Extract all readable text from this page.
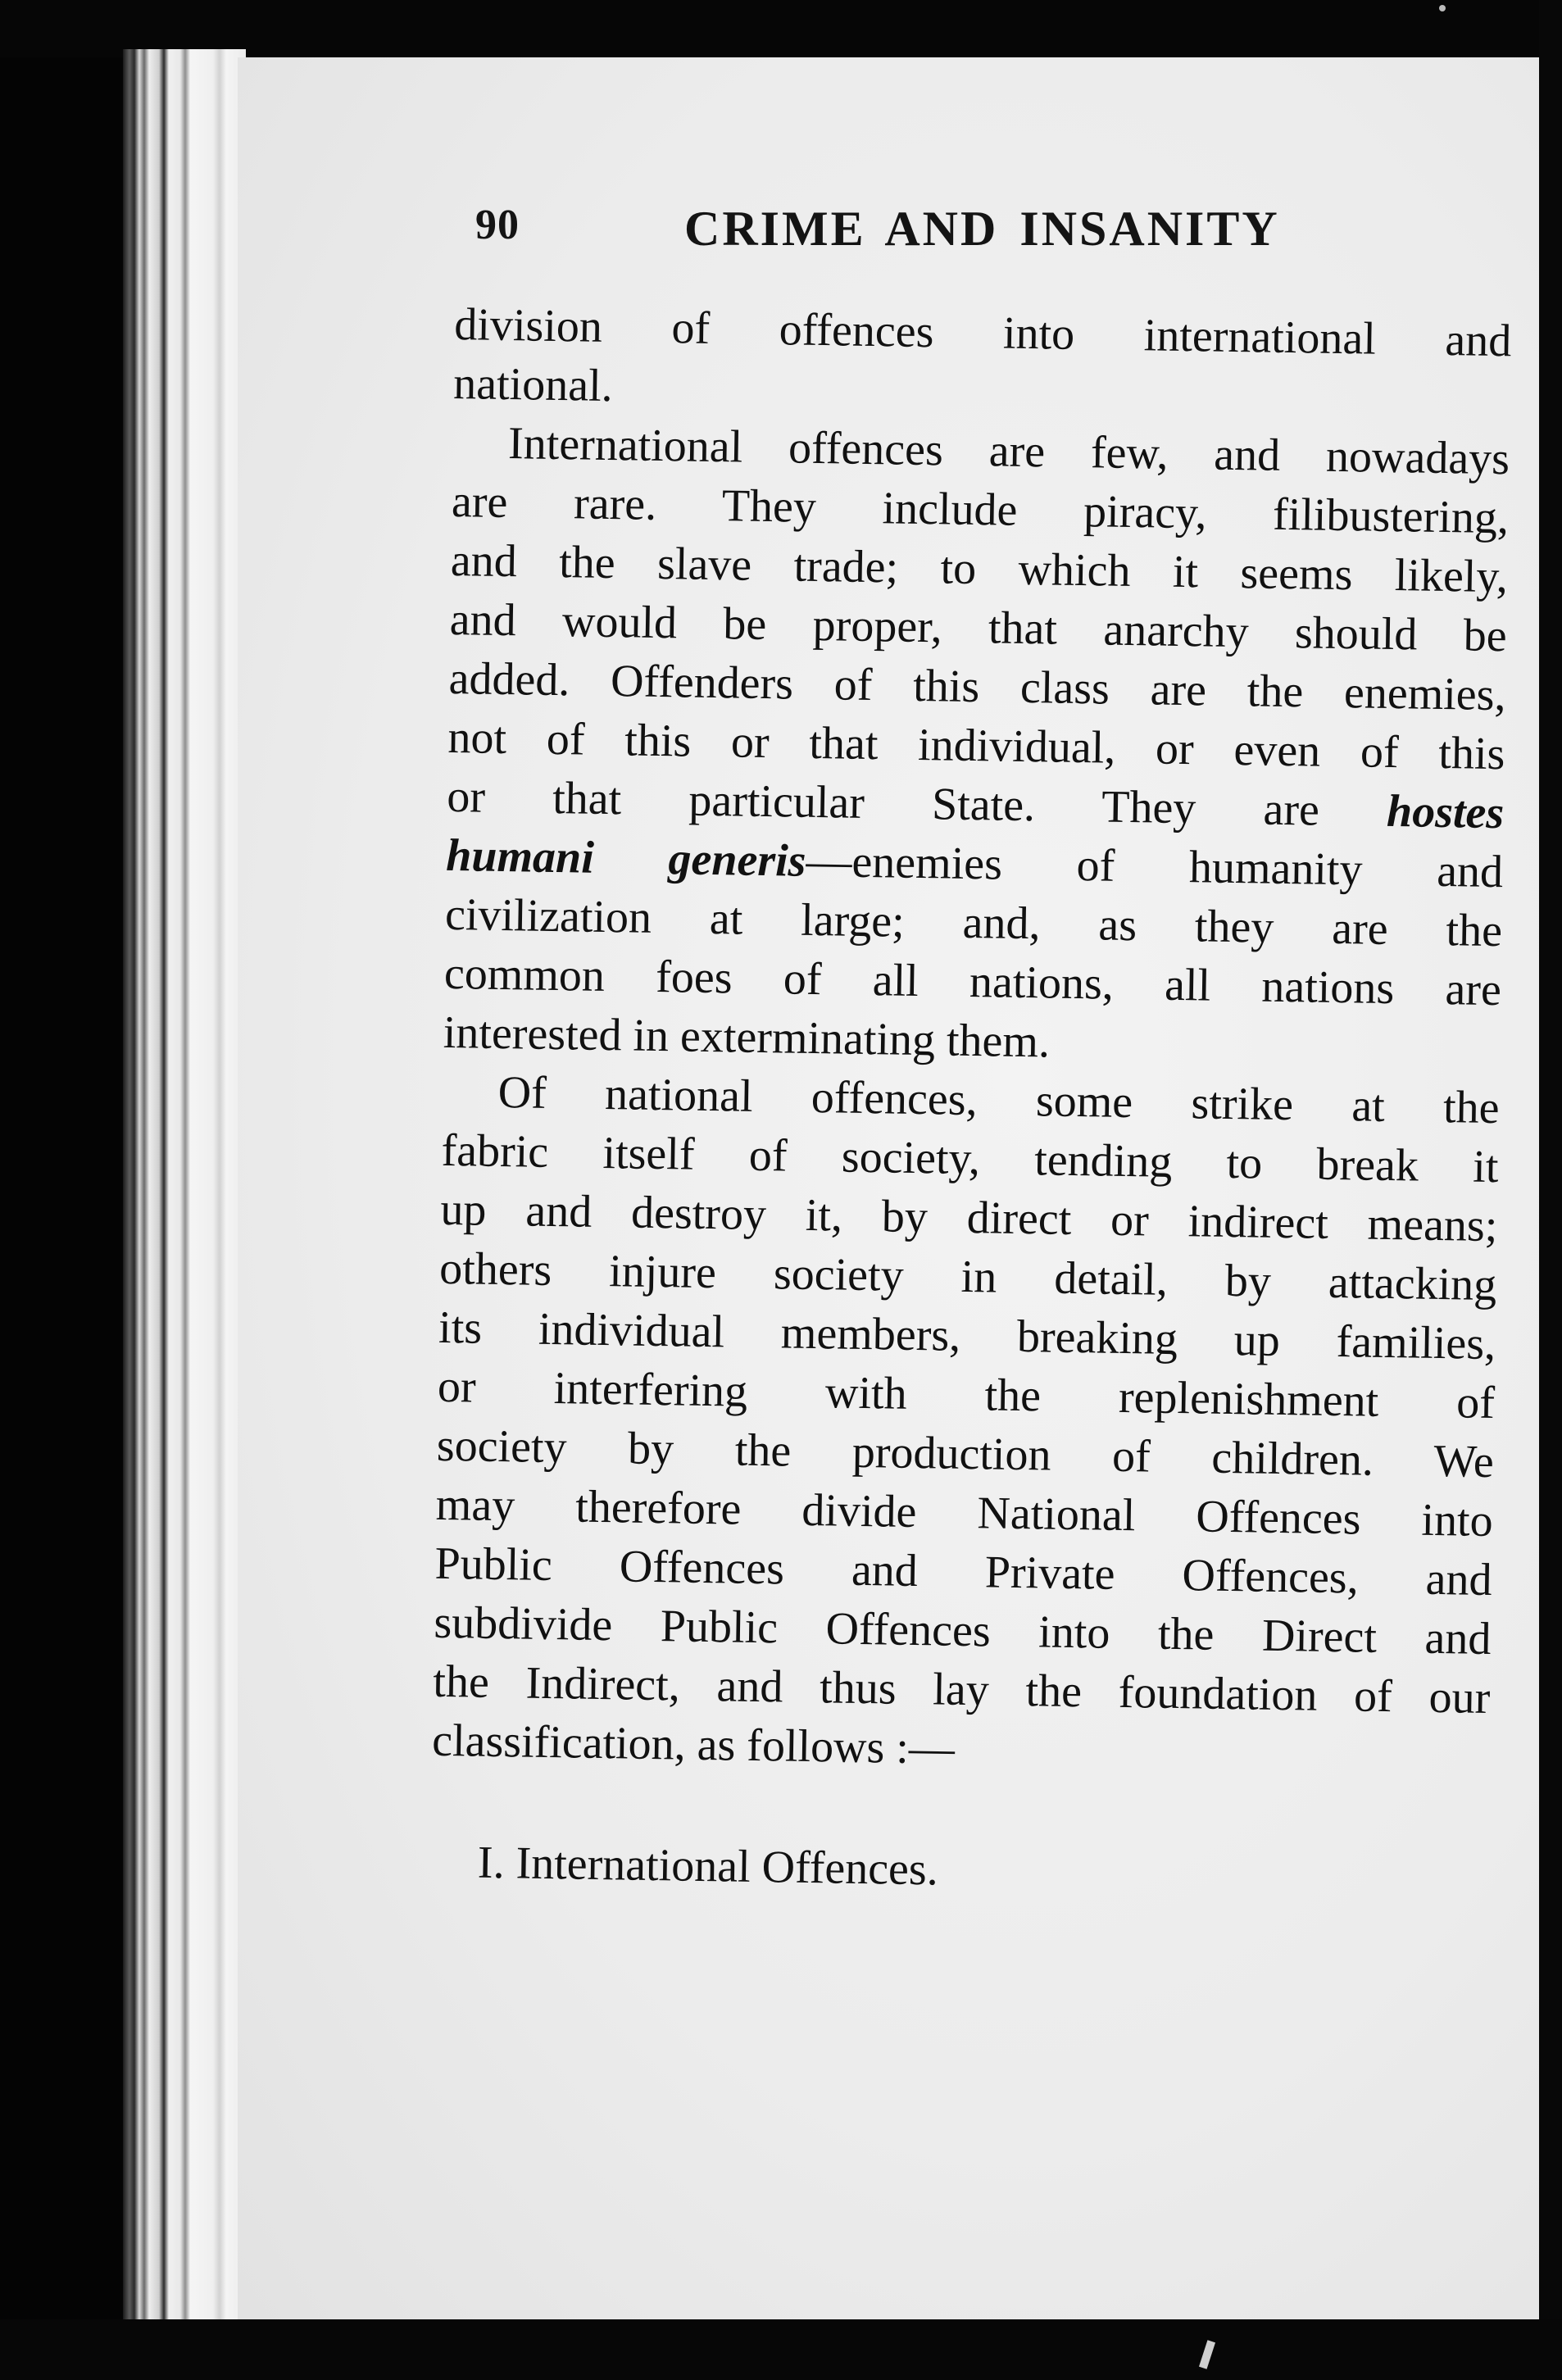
90	CRIME AND INSANITY
division of offences into international and
national.
International offences are few, and nowadays
are rare. They include piracy, filibustering,
and the slave trade; to which it seems likely,
and would be proper, that anarchy should be
added. Offenders of this class are the enemies,
not of this or that individual, or even of this
or that particular State. They are hostes
humani generis—enemies of humanity and
civilization at large; and, as they are the
common foes of all nations, all nations are
interested in exterminating them.
Of national offences, some strike at the
fabric itself of society, tending to break it
up and destroy it, by direct or indirect means;
others injure society in detail, by attacking
its individual members, breaking up families,
or interfering with the replenishment of
society by the production of children. We
may therefore divide National Offences into
Public Offences and Private Offences, and
subdivide Public Offences into the Direct and
the Indirect, and thus lay the foundation of our
classification, as follows :—
I. International Offences.
